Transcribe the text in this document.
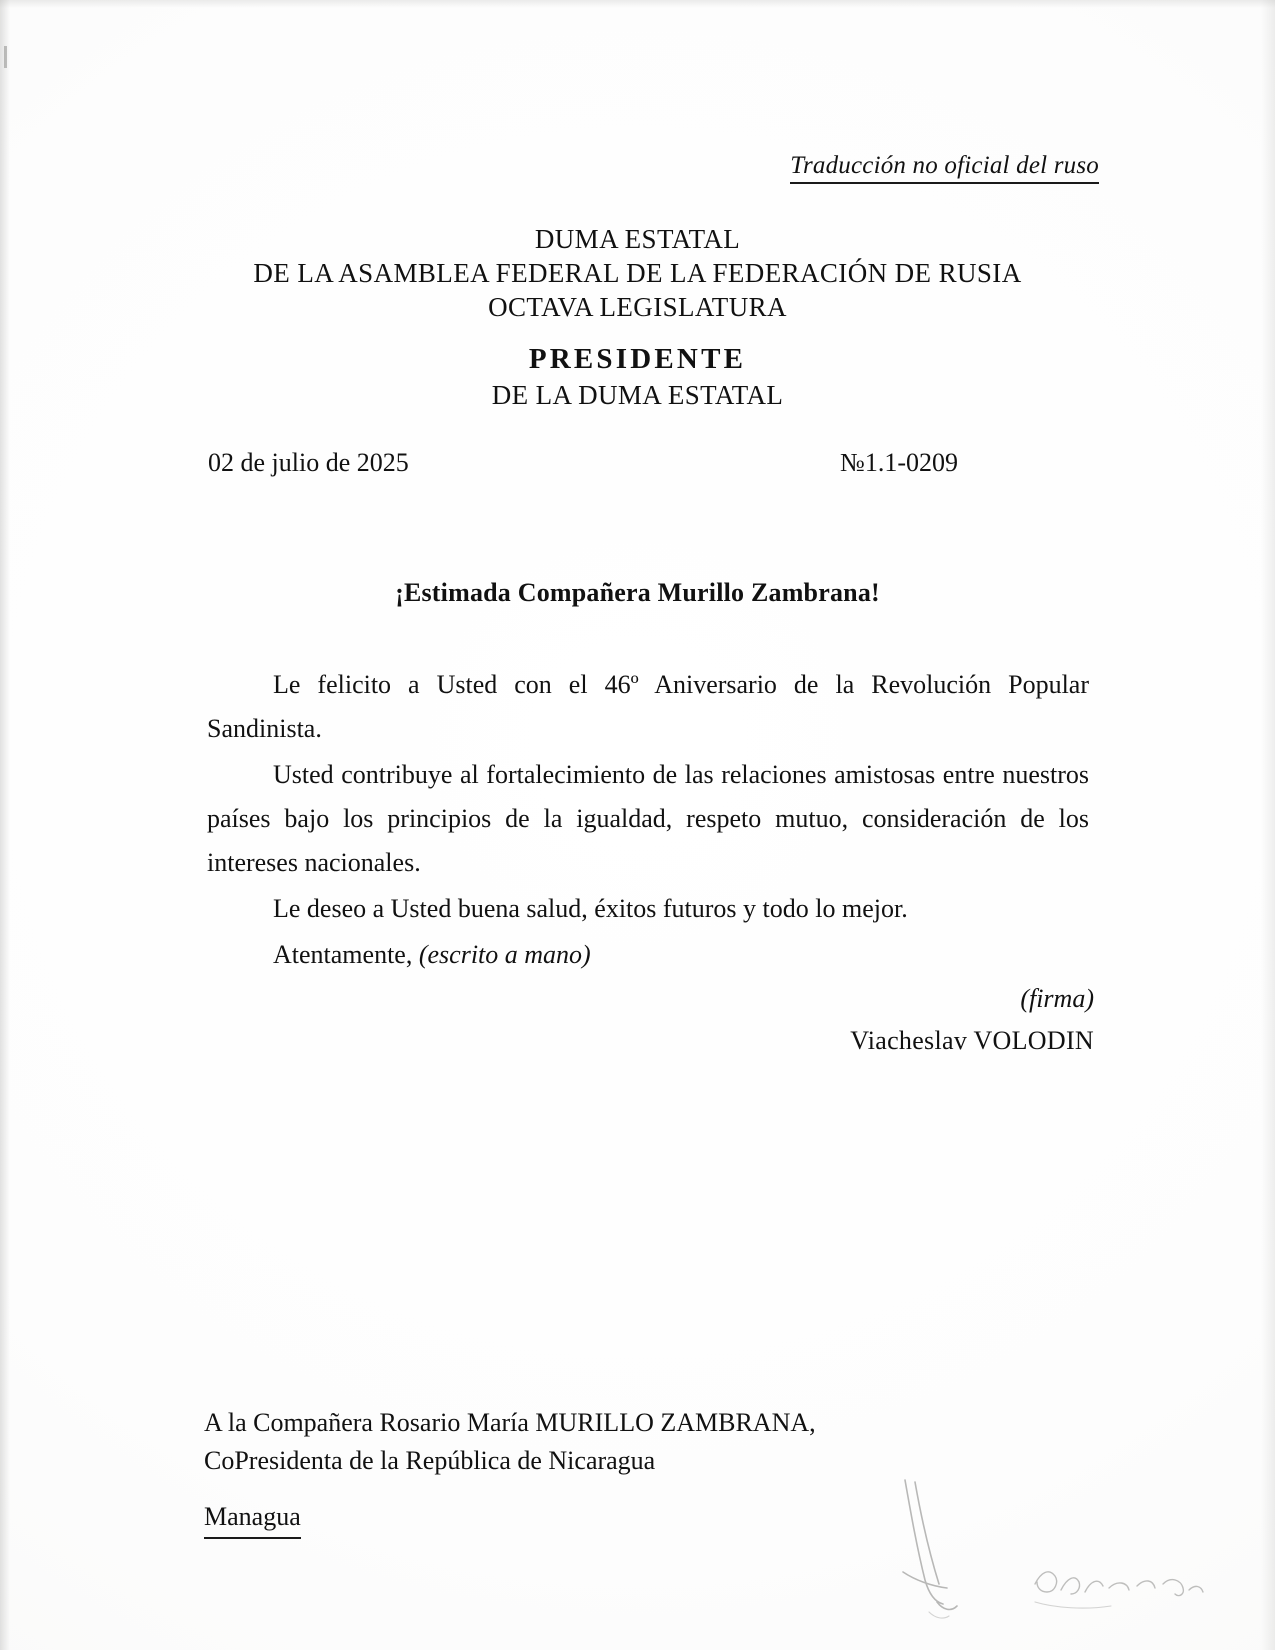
Traducción no oficial del ruso
DUMA ESTATAL
DE LA ASAMBLEA FEDERAL DE LA FEDERACIÓN DE RUSIA
OCTAVA LEGISLATURA
PRESIDENTE
DE LA DUMA ESTATAL
02 de julio de 2025	№1.1-0209
¡Estimada Compañera Murillo Zambrana!

Le felicito a Usted con el 46º Aniversario de la Revolución Popular Sandinista.

Usted contribuye al fortalecimiento de las relaciones amistosas entre nuestros países bajo los principios de la igualdad, respeto mutuo, consideración de los intereses nacionales.

Le deseo a Usted buena salud, éxitos futuros y todo lo mejor.

Atentamente, (escrito a mano)

(firma)
Viacheslav VOLODIN
A la Compañera Rosario María MURILLO ZAMBRANA,
CoPresidenta de la República de Nicaragua
Managua
